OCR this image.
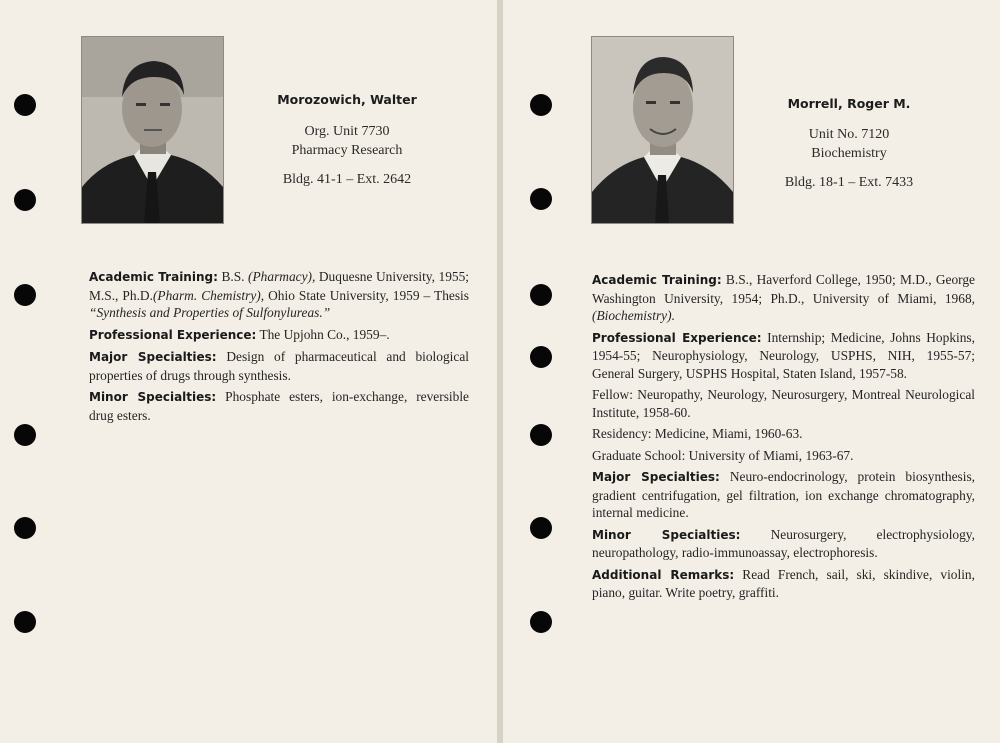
Morozowich, Walter
Org. Unit 7730
Pharmacy Research
Bldg. 41-1 – Ext. 2642

Academic Training: B.S. (Pharmacy), Duquesne University, 1955; M.S., Ph.D.(Pharm. Chemistry), Ohio State University, 1959 – Thesis “Synthesis and Properties of Sulfonylureas.”

Professional Experience: The Upjohn Co., 1959–.

Major Specialties: Design of pharmaceutical and biological properties of drugs through synthesis.

Minor Specialties: Phosphate esters, ion-exchange, reversible drug esters.

Morrell, Roger M.
Unit No. 7120
Biochemistry
Bldg. 18-1 – Ext. 7433

Academic Training: B.S., Haverford College, 1950; M.D., George Washington University, 1954; Ph.D., University of Miami, 1968, (Biochemistry).

Professional Experience: Internship; Medicine, Johns Hopkins, 1954-55; Neurophysiology, Neurology, USPHS, NIH, 1955-57; General Surgery, USPHS Hospital, Staten Island, 1957-58.

Fellow: Neuropathy, Neurology, Neurosurgery, Montreal Neurological Institute, 1958-60.

Residency: Medicine, Miami, 1960-63.

Graduate School: University of Miami, 1963-67.

Major Specialties: Neuro-endocrinology, protein biosynthesis, gradient centrifugation, gel filtration, ion exchange chromatography, internal medicine.

Minor Specialties: Neurosurgery, electrophysiology, neuropathology, radio-immunoassay, electrophoresis.

Additional Remarks: Read French, sail, ski, skindive, violin, piano, guitar. Write poetry, graffiti.
